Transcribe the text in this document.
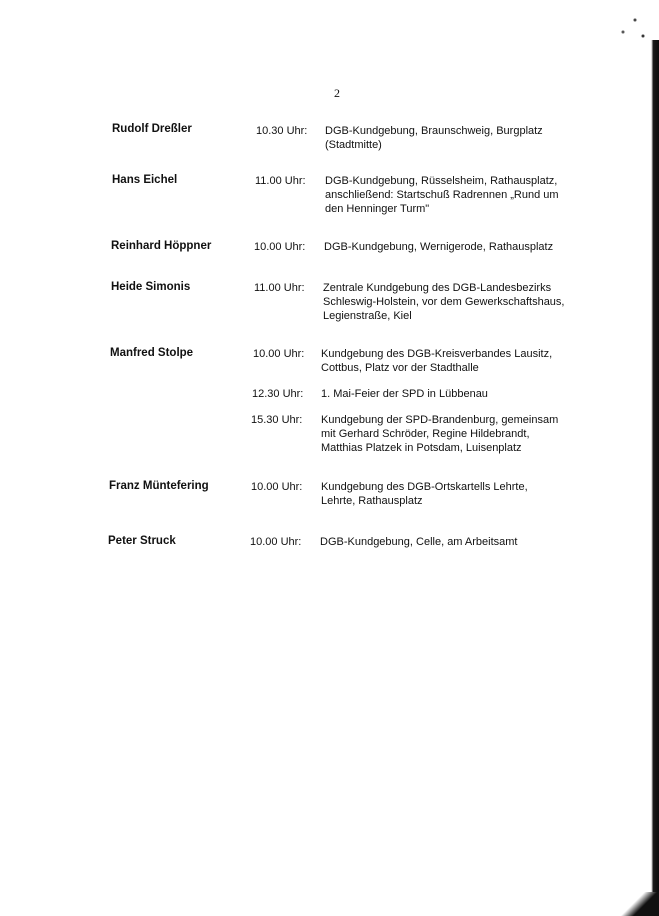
2
Rudolf Dreßler	10.30 Uhr:	DGB-Kundgebung, Braunschweig, Burgplatz
(Stadtmitte)
Hans Eichel	11.00 Uhr:	DGB-Kundgebung, Rüsselsheim, Rathausplatz,
anschließend: Startschuß Radrennen „Rund um
den Henninger Turm"
Reinhard Höppner	10.00 Uhr:	DGB-Kundgebung, Wernigerode, Rathausplatz
Heide Simonis	11.00 Uhr:	Zentrale Kundgebung des DGB-Landesbezirks
Schleswig-Holstein, vor dem Gewerkschaftshaus,
Legienstraße, Kiel
Manfred Stolpe	10.00 Uhr:	Kundgebung des DGB-Kreisverbandes Lausitz,
Cottbus, Platz vor der Stadthalle
12.30 Uhr:	1. Mai-Feier der SPD in Lübbenau
15.30 Uhr:	Kundgebung der SPD-Brandenburg, gemeinsam
mit Gerhard Schröder, Regine Hildebrandt,
Matthias Platzek in Potsdam, Luisenplatz
Franz Müntefering	10.00 Uhr:	Kundgebung des DGB-Ortskartells Lehrte,
Lehrte, Rathausplatz
Peter Struck	10.00 Uhr:	DGB-Kundgebung, Celle, am Arbeitsamt
